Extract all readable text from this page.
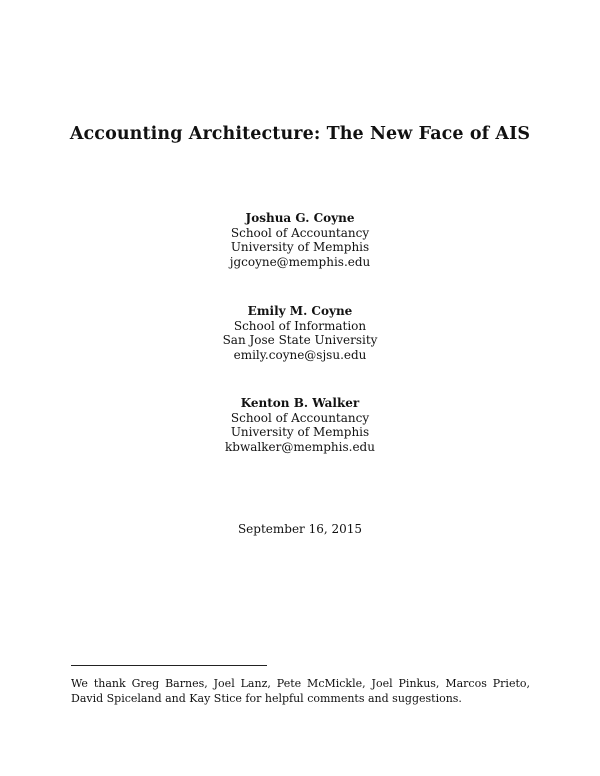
Accounting Architecture: The New Face of AIS
Joshua G. Coyne
School of Accountancy
University of Memphis
jgcoyne@memphis.edu
Emily M. Coyne
School of Information
San Jose State University
emily.coyne@sjsu.edu
Kenton B. Walker
School of Accountancy
University of Memphis
kbwalker@memphis.edu
September 16, 2015
We thank Greg Barnes, Joel Lanz, Pete McMickle, Joel Pinkus, Marcos Prieto, David Spiceland and Kay Stice for helpful comments and suggestions.
